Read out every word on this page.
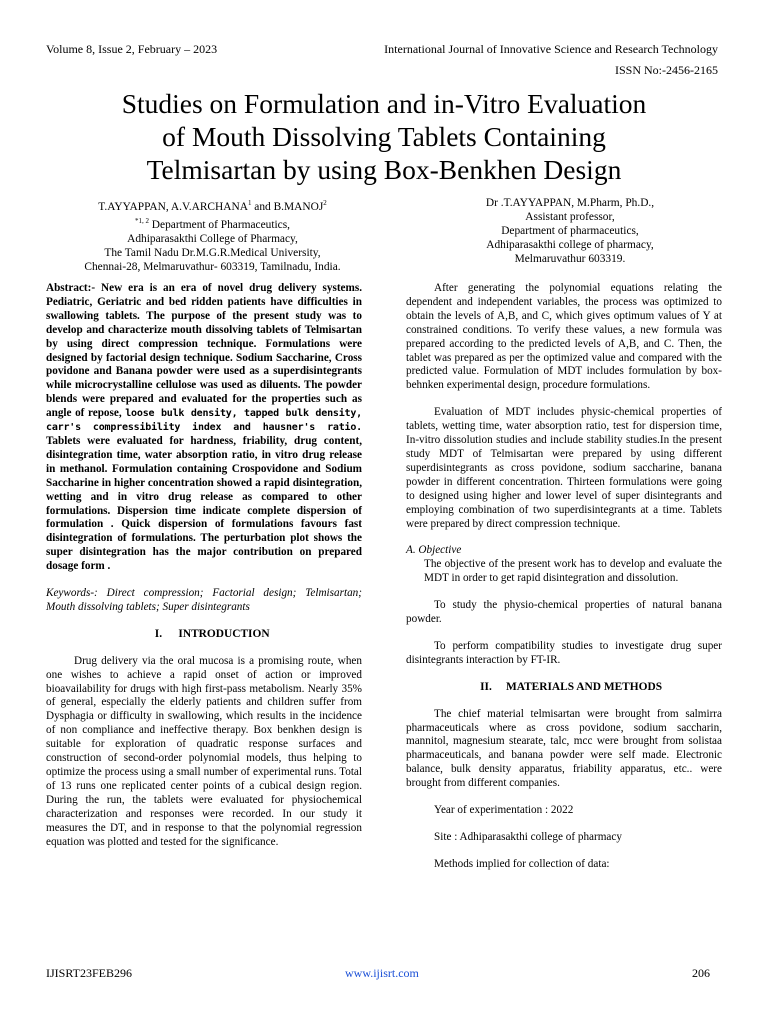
Volume 8, Issue 2, February – 2023	International Journal of Innovative Science and Research Technology
ISSN No:-2456-2165
Studies on Formulation and in-Vitro Evaluation
of Mouth Dissolving Tablets Containing
Telmisartan by using Box-Benkhen Design
T.AYYAPPAN, A.V.ARCHANA$^1$ and B.MANOJ$^2$
$^{*1, 2}$ Department of Pharmaceutics,
Adhiparasakthi College of Pharmacy,
The Tamil Nadu Dr.M.G.R.Medical University,
Chennai-28, Melmaruvathur- 603319, Tamilnadu, India.
Dr .T.AYYAPPAN, M.Pharm, Ph.D.,
Assistant professor,
Department of pharmaceutics,
Adhiparasakthi college of pharmacy,
Melmaruvathur 603319.

Abstract:- New era is an era of novel drug delivery systems. Pediatric, Geriatric and bed ridden patients have difficulties in swallowing tablets. The purpose of the present study was to develop and characterize mouth dissolving tablets of Telmisartan by using direct compression technique. Formulations were designed by factorial design technique. Sodium Saccharine, Cross povidone and Banana powder were used as a superdisintegrants while microcrystalline cellulose was used as diluents. The powder blends were prepared and evaluated for the properties such as angle of repose, loose bulk density, tapped bulk density, carr's compressibility index and hausner's ratio. Tablets were evaluated for hardness, friability, drug content, disintegration time, water absorption ratio, in vitro drug release in methanol. Formulation containing Crospovidone and Sodium Saccharine in higher concentration showed a rapid disintegration, wetting and in vitro drug release as compared to other formulations. Dispersion time indicate complete dispersion of formulation . Quick dispersion of formulations favours fast disintegration of formulations. The perturbation plot shows the super disintegration has the major contribution on prepared dosage form .

Keywords-: Direct compression; Factorial design; Telmisartan; Mouth dissolving tablets; Super disintegrants

I. INTRODUCTION

Drug delivery via the oral mucosa is a promising route, when one wishes to achieve a rapid onset of action or improved bioavailability for drugs with high first-pass metabolism. Nearly 35% of general, especially the elderly patients and children suffer from Dysphagia or difficulty in swallowing, which results in the incidence of non compliance and ineffective therapy. Box benkhen design is suitable for exploration of quadratic response surfaces and construction of second-order polynomial models, thus helping to optimize the process using a small number of experimental runs. Total of 13 runs one replicated center points of a cubical design region. During the run, the tablets were evaluated for physiochemical characterization and responses were recorded. In our study it measures the DT, and in response to that the polynomial regression equation was plotted and tested for the significance.

After generating the polynomial equations relating the dependent and independent variables, the process was optimized to obtain the levels of A,B, and C, which gives optimum values of Y at constrained conditions. To verify these values, a new formula was prepared according to the predicted levels of A,B, and C. Then, the tablet was prepared as per the optimized value and compared with the predicted value. Formulation of MDT includes formulation by box-behnken experimental design, procedure formulations.

Evaluation of MDT includes physic-chemical properties of tablets, wetting time, water absorption ratio, test for dispersion time, In-vitro dissolution studies and include stability studies.In the present study MDT of Telmisartan were prepared by using different superdisintegrants as cross povidone, sodium saccharine, banana powder in different concentration. Thirteen formulations were going to designed using higher and lower level of super disintegrants and employing combination of two superdisintegrants at a time. Tablets were prepared by direct compression technique.

A. Objective

The objective of the present work has to develop and evaluate the MDT in order to get rapid disintegration and dissolution.

To study the physio-chemical properties of natural banana powder.

To perform compatibility studies to investigate drug super disintegrants interaction by FT-IR.

II. MATERIALS AND METHODS

The chief material telmisartan were brought from salmirra pharmaceuticals where as cross povidone, sodium saccharin, mannitol, magnesium stearate, talc, mcc were brought from solistaa pharmaceuticals, and banana powder were self made. Electronic balance, bulk density apparatus, friability apparatus, etc.. were brought from different companies.

Year of experimentation : 2022

Site : Adhiparasakthi college of pharmacy

Methods implied for collection of data:

IJISRT23FEB296	www.ijisrt.com	206
